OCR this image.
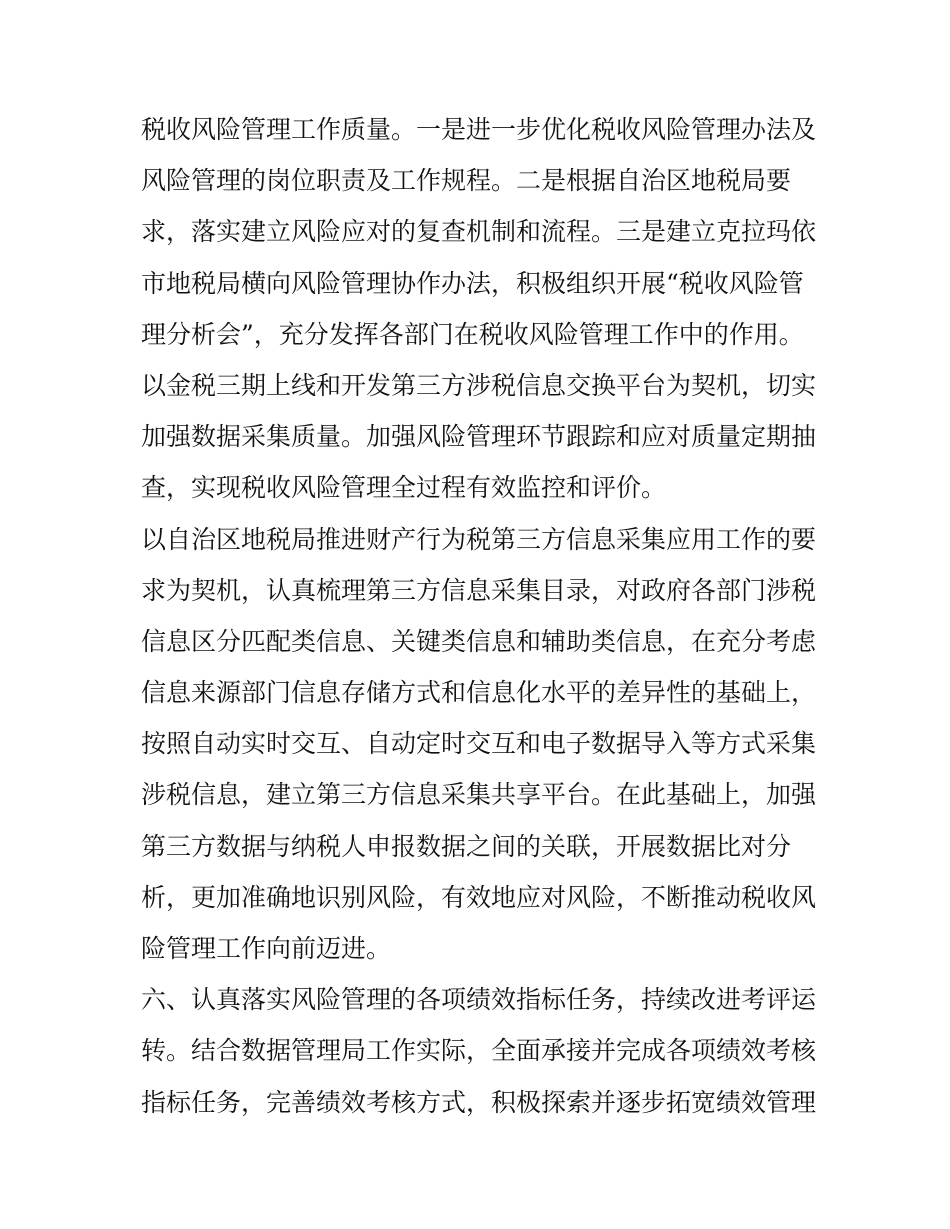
税收风险管理工作质量。一是进一步优化税收风险管理办法及
风险管理的岗位职责及工作规程。二是根据自治区地税局要
求，落实建立风险应对的复查机制和流程。三是建立克拉玛依
市地税局横向风险管理协作办法，积极组织开展“税收风险管
理分析会”，充分发挥各部门在税收风险管理工作中的作用。
以金税三期上线和开发第三方涉税信息交换平台为契机，切实
加强数据采集质量。加强风险管理环节跟踪和应对质量定期抽
查，实现税收风险管理全过程有效监控和评价。
以自治区地税局推进财产行为税第三方信息采集应用工作的要
求为契机，认真梳理第三方信息采集目录，对政府各部门涉税
信息区分匹配类信息、关键类信息和辅助类信息，在充分考虑
信息来源部门信息存储方式和信息化水平的差异性的基础上，
按照自动实时交互、自动定时交互和电子数据导入等方式采集
涉税信息，建立第三方信息采集共享平台。在此基础上，加强
第三方数据与纳税人申报数据之间的关联，开展数据比对分
析，更加准确地识别风险，有效地应对风险，不断推动税收风
险管理工作向前迈进。
六、认真落实风险管理的各项绩效指标任务，持续改进考评运
转。结合数据管理局工作实际，全面承接并完成各项绩效考核
指标任务，完善绩效考核方式，积极探索并逐步拓宽绩效管理
